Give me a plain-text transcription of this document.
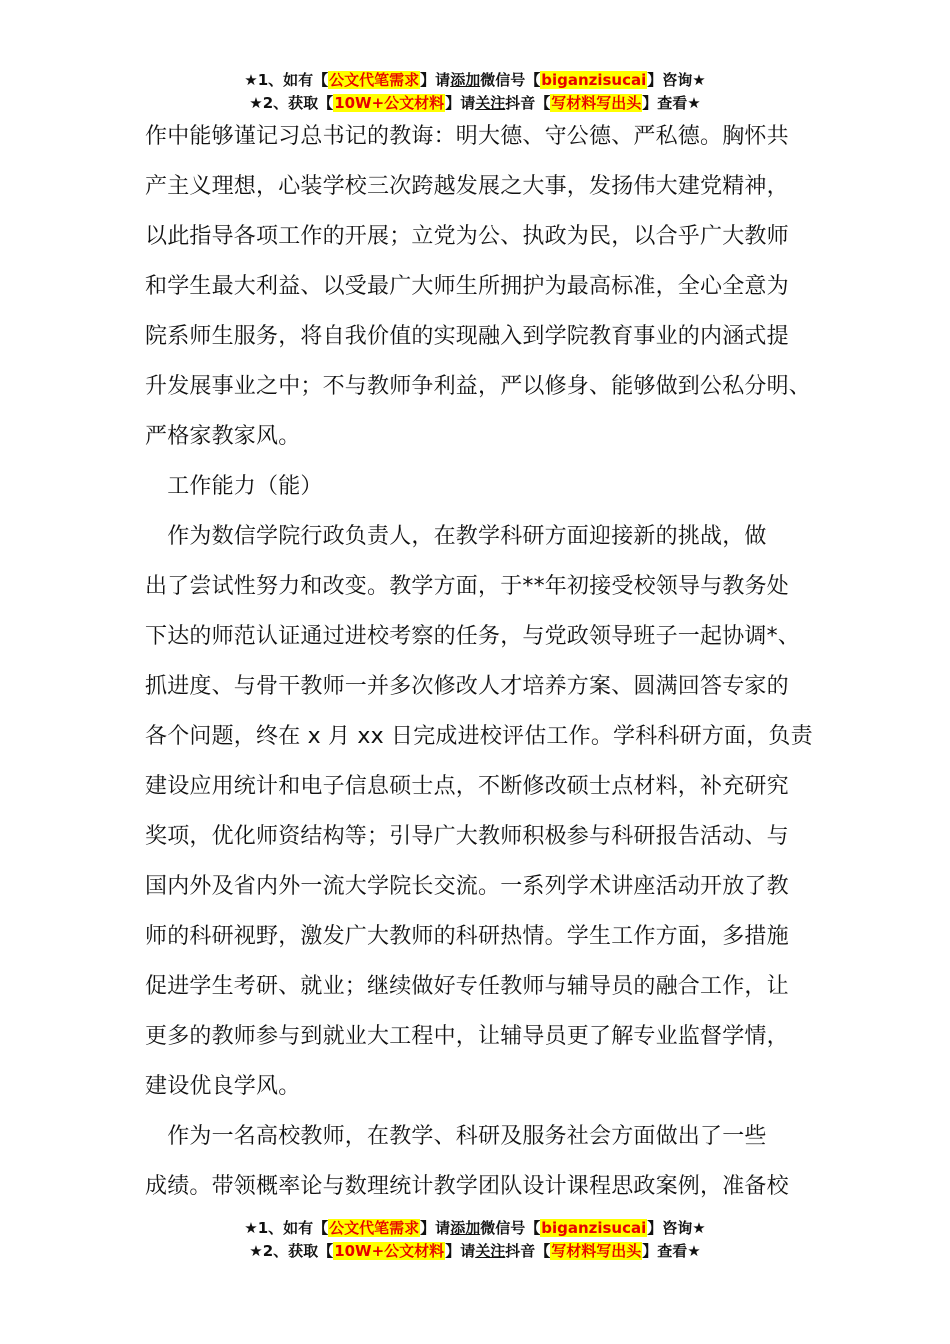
★1、如有【公文代笔需求】请添加微信号【biganzisucai】咨询★
★2、获取【10W+公文材料】请关注抖音【写材料写出头】查看★
作中能够谨记习总书记的教诲：明大德、守公德、严私德。胸怀共
产主义理想，心装学校三次跨越发展之大事，发扬伟大建党精神，
以此指导各项工作的开展；立党为公、执政为民，以合乎广大教师
和学生最大利益、以受最广大师生所拥护为最高标准，全心全意为
院系师生服务，将自我价值的实现融入到学院教育事业的内涵式提
升发展事业之中；不与教师争利益，严以修身、能够做到公私分明、
严格家教家风。
　工作能力（能）
　作为数信学院行政负责人，在教学科研方面迎接新的挑战，做
出了尝试性努力和改变。教学方面，于**年初接受校领导与教务处
下达的师范认证通过进校考察的任务，与党政领导班子一起协调*、
抓进度、与骨干教师一并多次修改人才培养方案、圆满回答专家的
各个问题，终在 x 月 xx 日完成进校评估工作。学科科研方面，负责
建设应用统计和电子信息硕士点，不断修改硕士点材料，补充研究
奖项，优化师资结构等；引导广大教师积极参与科研报告活动、与
国内外及省内外一流大学院长交流。一系列学术讲座活动开放了教
师的科研视野，激发广大教师的科研热情。学生工作方面，多措施
促进学生考研、就业；继续做好专任教师与辅导员的融合工作，让
更多的教师参与到就业大工程中，让辅导员更了解专业监督学情，
建设优良学风。
　作为一名高校教师，在教学、科研及服务社会方面做出了一些
成绩。带领概率论与数理统计教学团队设计课程思政案例，准备校
★1、如有【公文代笔需求】请添加微信号【biganzisucai】咨询★
★2、获取【10W+公文材料】请关注抖音【写材料写出头】查看★
